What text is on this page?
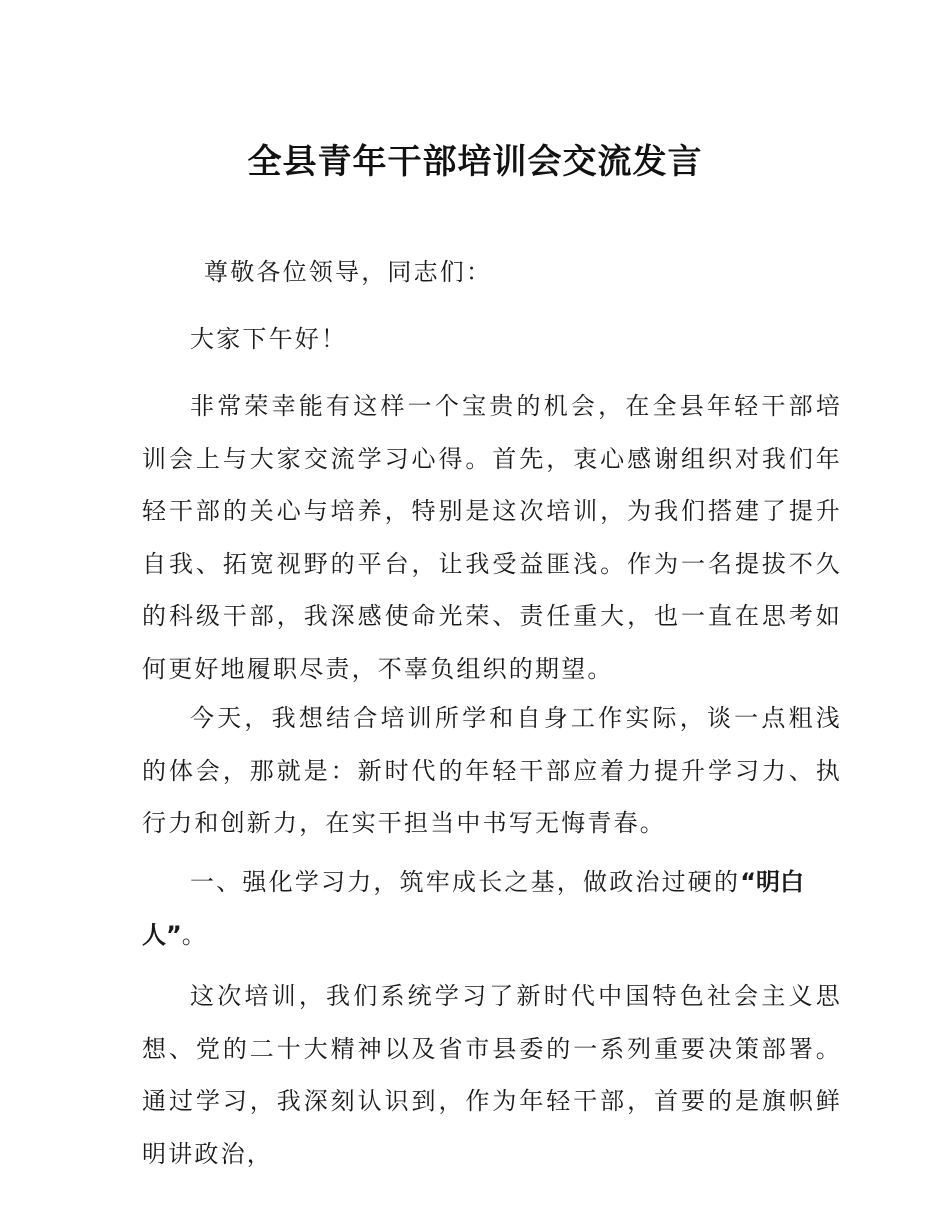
全县青年干部培训会交流发言

尊敬各位领导，同志们：

大家下午好！

非常荣幸能有这样一个宝贵的机会，在全县年轻干部培训会上与大家交流学习心得。首先，衷心感谢组织对我们年轻干部的关心与培养，特别是这次培训，为我们搭建了提升自我、拓宽视野的平台，让我受益匪浅。作为一名提拔不久的科级干部，我深感使命光荣、责任重大，也一直在思考如何更好地履职尽责，不辜负组织的期望。

今天，我想结合培训所学和自身工作实际，谈一点粗浅的体会，那就是：新时代的年轻干部应着力提升学习力、执行力和创新力，在实干担当中书写无悔青春。

一、强化学习力，筑牢成长之基，做政治过硬的“明白
人”。

这次培训，我们系统学习了新时代中国特色社会主义思想、党的二十大精神以及省市县委的一系列重要决策部署。通过学习，我深刻认识到，作为年轻干部，首要的是旗帜鲜明讲政治，
